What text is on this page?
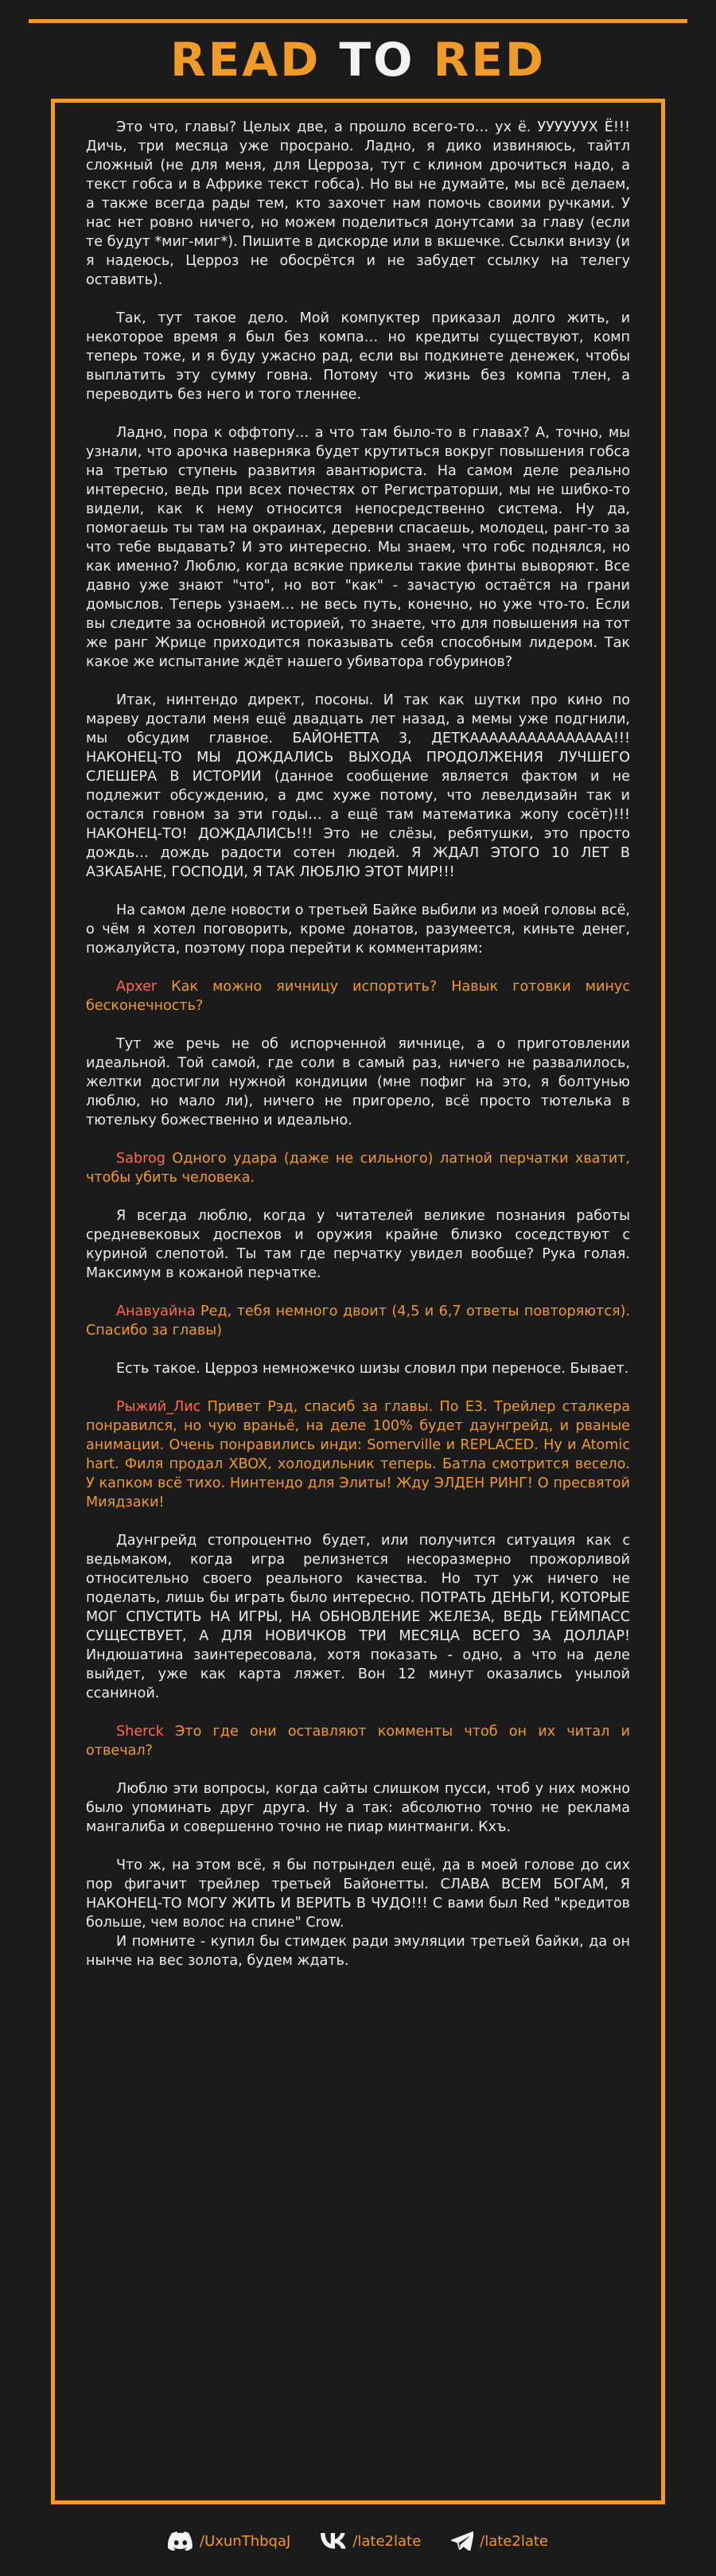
READ TO RED

Это что, главы? Целых две, а прошло всего-то… ух ё. УУУУУУХ Ё!!! Дичь, три месяца уже просрано. Ладно, я дико извиняюсь, тайтл сложный (не для меня, для Церроза, тут с клином дрочиться надо, а текст гобса и в Африке текст гобса). Но вы не думайте, мы всё делаем, а также всегда рады тем, кто захочет нам помочь своими ручками. У нас нет ровно ничего, но можем поделиться донутсами за главу (если те будут *миг-миг*). Пишите в дискорде или в вкшечке. Ссылки внизу (и я надеюсь, Церроз не обосрётся и не забудет ссылку на телегу оставить).

Так, тут такое дело. Мой компуктер приказал долго жить, и некоторое время я был без компа… но кредиты существуют, комп теперь тоже, и я буду ужасно рад, если вы подкинете денежек, чтобы выплатить эту сумму говна. Потому что жизнь без компа тлен, а переводить без него и того тленнее.

Ладно, пора к оффтопу… а что там было-то в главах? А, точно, мы узнали, что арочка наверняка будет крутиться вокруг повышения гобса на третью ступень развития авантюриста. На самом деле реально интересно, ведь при всех почестях от Регистраторши, мы не шибко-то видели, как к нему относится непосредственно система. Ну да, помогаешь ты там на окраинах, деревни спасаешь, молодец, ранг-то за что тебе выдавать? И это интересно. Мы знаем, что гобс поднялся, но как именно? Люблю, когда всякие прикелы такие финты выворяют. Все давно уже знают "что", но вот "как" - зачастую остаётся на грани домыслов. Теперь узнаем… не весь путь, конечно, но уже что-то. Если вы следите за основной историей, то знаете, что для повышения на тот же ранг Жрице приходится показывать себя способным лидером. Так какое же испытание ждёт нашего убиватора гобуринов?

Итак, нинтендо директ, посоны. И так как шутки про кино по мареву достали меня ещё двадцать лет назад, а мемы уже подгнили, мы обсудим главное. БАЙОНЕТТА 3, ДЕТКААААААААААААААА!!! НАКОНЕЦ-ТО МЫ ДОЖДАЛИСЬ ВЫХОДА ПРОДОЛЖЕНИЯ ЛУЧШЕГО СЛЕШЕРА В ИСТОРИИ (данное сообщение является фактом и не подлежит обсуждению, а дмс хуже потому, что левелдизайн так и остался говном за эти годы… а ещё там математика жопу сосёт)!!! НАКОНЕЦ-ТО! ДОЖДАЛИСЬ!!! Это не слёзы, ребятушки, это просто дождь… дождь радости сотен людей. Я ЖДАЛ ЭТОГО 10 ЛЕТ В АЗКАБАНЕ, ГОСПОДИ, Я ТАК ЛЮБЛЮ ЭТОТ МИР!!!

На самом деле новости о третьей Байке выбили из моей головы всё, о чём я хотел поговорить, кроме донатов, разумеется, киньте денег, пожалуйста, поэтому пора перейти к комментариям:

Apxer Как можно яичницу испортить? Навык готовки минус бесконечность?

Тут же речь не об испорченной яичнице, а о приготовлении идеальной. Той самой, где соли в самый раз, ничего не развалилось, желтки достигли нужной кондиции (мне пофиг на это, я болтунью люблю, но мало ли), ничего не пригорело, всё просто тютелька в тютельку божественно и идеально.

Sabrog Одного удара (даже не сильного) латной перчатки хватит, чтобы убить человека.

Я всегда люблю, когда у читателей великие познания работы средневековых доспехов и оружия крайне близко соседствуют с куриной слепотой. Ты там где перчатку увидел вообще? Рука голая. Максимум в кожаной перчатке.

Анавуайна Ред, тебя немного двоит (4,5 и 6,7 ответы повторяются). Спасибо за главы)

Есть такое. Церроз немножечко шизы словил при переносе. Бывает.

Рыжий_Лис Привет Рэд, спасиб за главы. По E3. Трейлер сталкера понравился, но чую враньё, на деле 100% будет даунгрейд, и рваные анимации. Очень понравились инди: Somerville и REPLACED. Ну и Atomic hart. Филя продал XBOX, холодильник теперь. Батла смотрится весело. У капком всё тихо. Нинтендо для Элиты! Жду ЭЛДЕН РИНГ! О пресвятой Миядзаки!

Даунгрейд стопроцентно будет, или получится ситуация как с ведьмаком, когда игра релизнется несоразмерно прожорливой относительно своего реального качества. Но тут уж ничего не поделать, лишь бы играть было интересно. ПОТРАТЬ ДЕНЬГИ, КОТОРЫЕ МОГ СПУСТИТЬ НА ИГРЫ, НА ОБНОВЛЕНИЕ ЖЕЛЕЗА, ВЕДЬ ГЕЙМПАСС СУЩЕСТВУЕТ, А ДЛЯ НОВИЧКОВ ТРИ МЕСЯЦА ВСЕГО ЗА ДОЛЛАР! Индюшатина заинтересовала, хотя показать - одно, а что на деле выйдет, уже как карта ляжет. Вон 12 минут оказались унылой сcаниной.

Sherck Это где они оставляют комменты чтоб он их читал и отвечал?

Люблю эти вопросы, когда сайты слишком пусси, чтоб у них можно было упоминать друг друга. Ну а так: абсолютно точно не реклама мангалиба и совершенно точно не пиар минтманги. Кхъ.

Что ж, на этом всё, я бы потрындел ещё, да в моей голове до сих пор фигачит трейлер третьей Байонетты. СЛАВА ВСЕМ БОГАМ, Я НАКОНЕЦ-ТО МОГУ ЖИТЬ И ВЕРИТЬ В ЧУДО!!! С вами был Red "кредитов больше, чем волос на спине" Crow.

И помните - купил бы стимдек ради эмуляции третьей байки, да он нынче на вес золота, будем ждать.

/UxunThbqaJ	/late2late	/late2late
